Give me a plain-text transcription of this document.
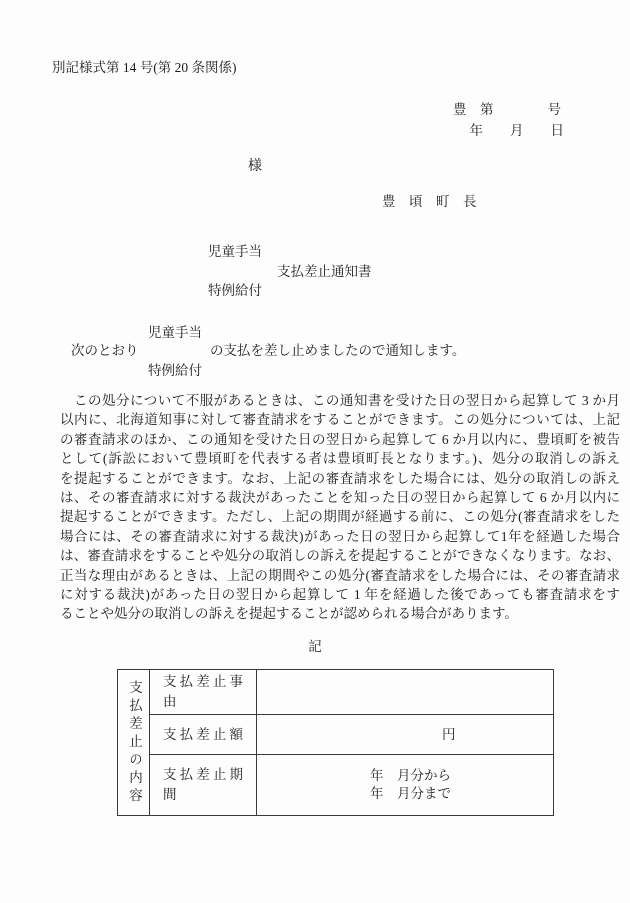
別記様式第 14 号(第 20 条関係)
豊　第　　　　号
年　　月　　日
様
豊　頃　町　長
児童手当
支払差止通知書
特例給付
次のとおり
児童手当
特例給付
の支払を差し止めましたので通知します。
　この処分について不服があるときは、この通知書を受けた日の翌日から起算して 3 か月
以内に、北海道知事に対して審査請求をすることができます。この処分については、上記
の審査請求のほか、この通知を受けた日の翌日から起算して 6 か月以内に、豊頃町を被告
として(訴訟において豊頃町を代表する者は豊頃町長となります。)、処分の取消しの訴え
を提起することができます。なお、上記の審査請求をした場合には、処分の取消しの訴え
は、その審査請求に対する裁決があったことを知った日の翌日から起算して 6 か月以内に
提起することができます。ただし、上記の期間が経過する前に、この処分(審査請求をした
場合には、その審査請求に対する裁決)があった日の翌日から起算して1年を経過した場合
は、審査請求をすることや処分の取消しの訴えを提起することができなくなります。なお、
正当な理由があるときは、上記の期間やこの処分(審査請求をした場合には、その審査請求
に対する裁決)があった日の翌日から起算して 1 年を経過した後であっても審査請求をす
ることや処分の取消しの訴えを提起することが認められる場合があります。
記
支払差止の内容	支払差止事由	
	支払差止額	円
	支払差止期間	年　月分から
年　月分まで
